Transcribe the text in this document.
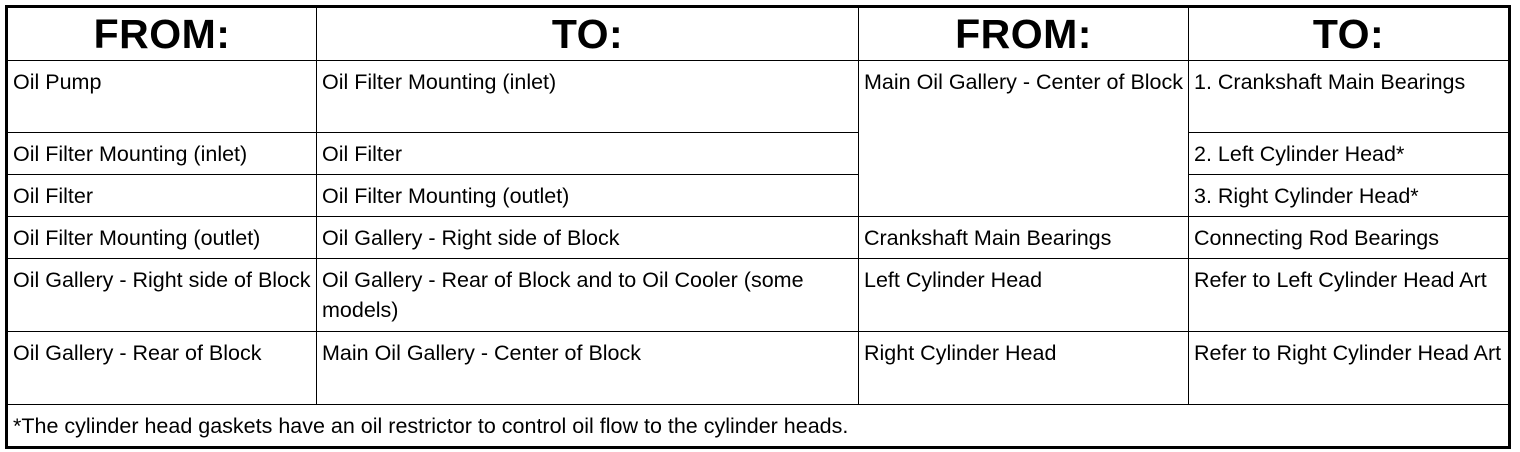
FROM:	TO:	FROM:	TO:
Oil Pump	Oil Filter Mounting (inlet)	Main Oil Gallery - Center of Block	1. Crankshaft Main Bearings
Oil Filter Mounting (inlet)	Oil Filter		2. Left Cylinder Head*
Oil Filter	Oil Filter Mounting (outlet)		3. Right Cylinder Head*
Oil Filter Mounting (outlet)	Oil Gallery - Right side of Block	Crankshaft Main Bearings	Connecting Rod Bearings
Oil Gallery - Right side of Block	Oil Gallery - Rear of Block and to Oil Cooler (some models)	Left Cylinder Head	Refer to Left Cylinder Head Art
Oil Gallery - Rear of Block	Main Oil Gallery - Center of Block	Right Cylinder Head	Refer to Right Cylinder Head Art
*The cylinder head gaskets have an oil restrictor to control oil flow to the cylinder heads.			
